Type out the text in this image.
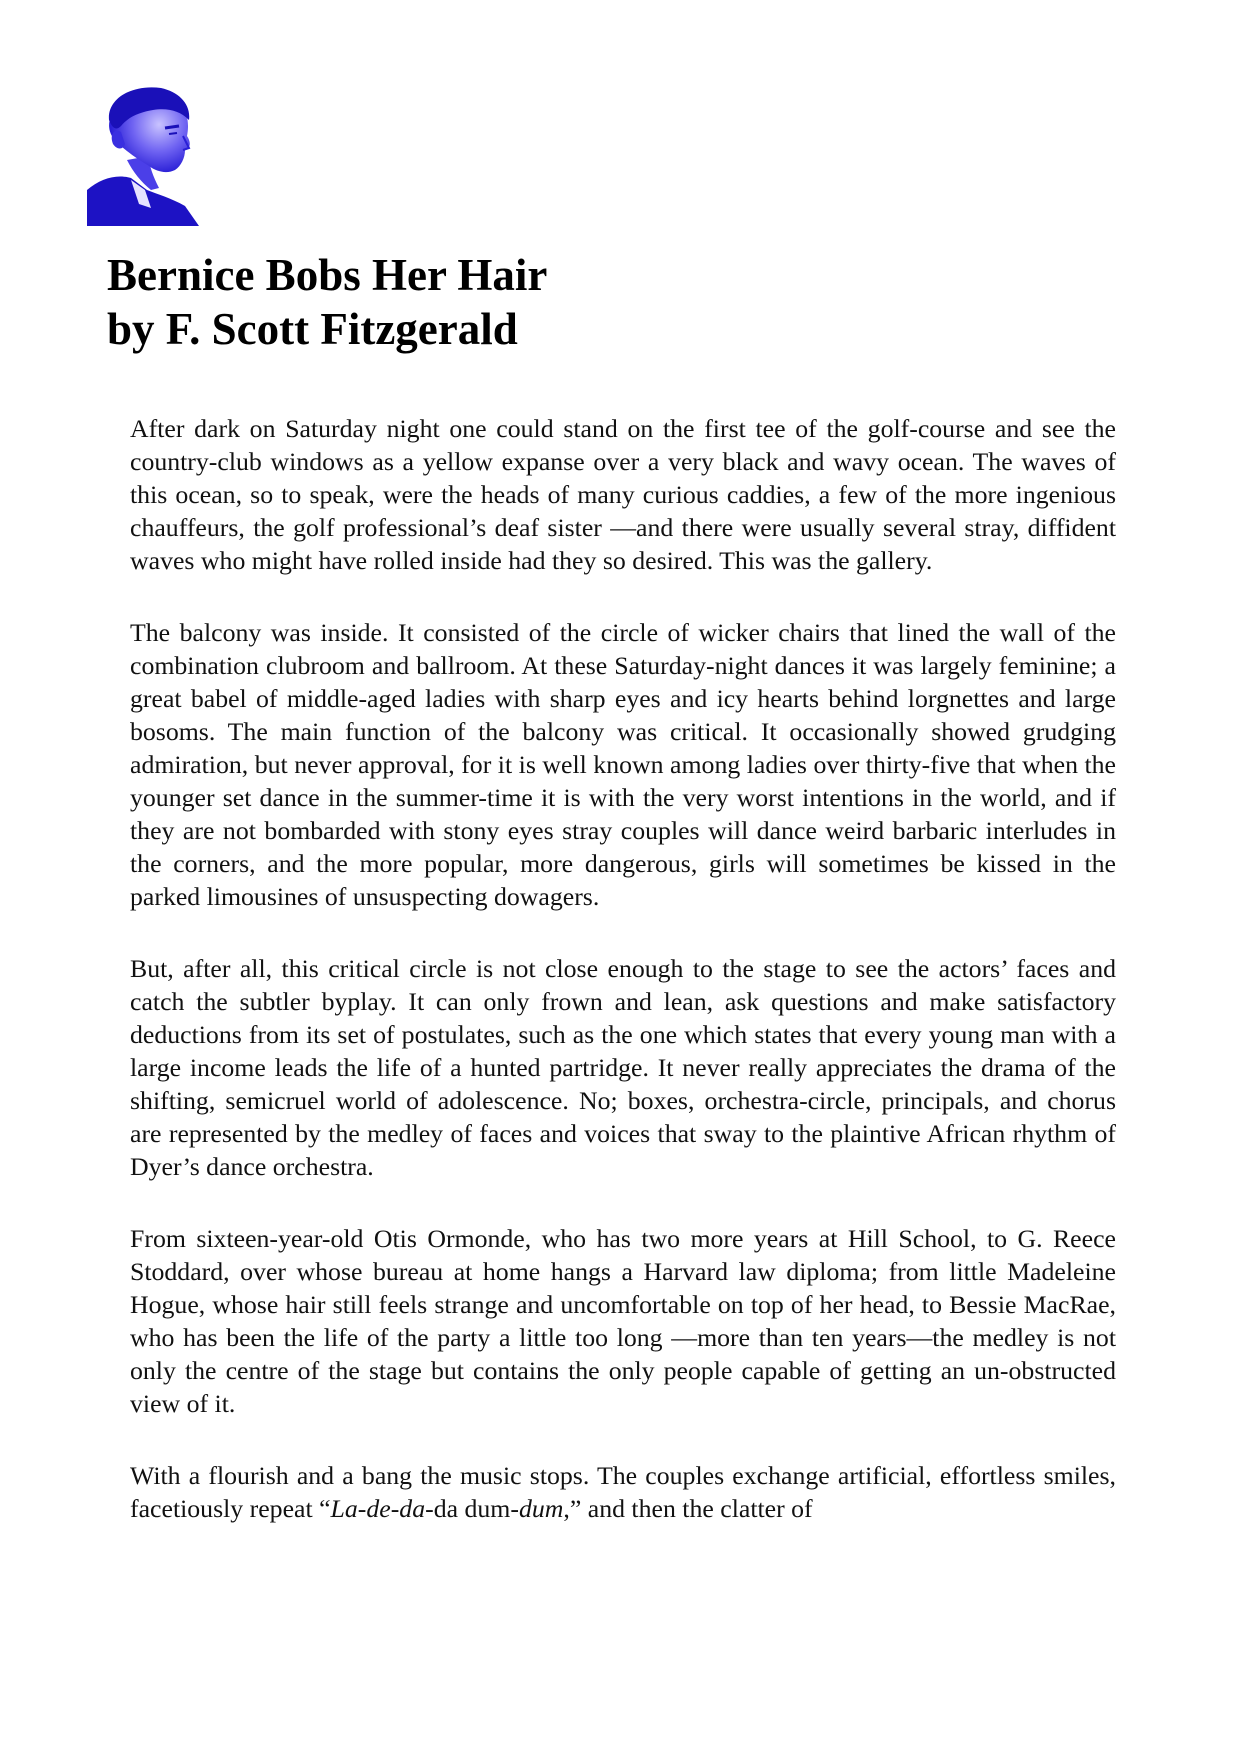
Bernice Bobs Her Hair
by F. Scott Fitzgerald

After dark on Saturday night one could stand on the first tee of the golf-course and see the country-club windows as a yellow expanse over a very black and wavy ocean. The waves of this ocean, so to speak, were the heads of many curious caddies, a few of the more ingenious chauffeurs, the golf professional’s deaf sister —and there were usually several stray, diffident waves who might have rolled inside had they so desired. This was the gallery.

The balcony was inside. It consisted of the circle of wicker chairs that lined the wall of the combination clubroom and ballroom. At these Saturday-night dances it was largely feminine; a great babel of middle-aged ladies with sharp eyes and icy hearts behind lorgnettes and large bosoms. The main function of the balcony was critical. It occasionally showed grudging admiration, but never approval, for it is well known among ladies over thirty-five that when the younger set dance in the summer-time it is with the very worst intentions in the world, and if they are not bombarded with stony eyes stray couples will dance weird barbaric interludes in the corners, and the more popular, more dangerous, girls will sometimes be kissed in the parked limousines of unsuspecting dowagers.

But, after all, this critical circle is not close enough to the stage to see the actors’ faces and catch the subtler byplay. It can only frown and lean, ask questions and make satisfactory deductions from its set of postulates, such as the one which states that every young man with a large income leads the life of a hunted partridge. It never really appreciates the drama of the shifting, semicruel world of adolescence. No; boxes, orchestra-circle, principals, and chorus are represented by the medley of faces and voices that sway to the plaintive African rhythm of Dyer’s dance orchestra.

From sixteen-year-old Otis Ormonde, who has two more years at Hill School, to G. Reece Stoddard, over whose bureau at home hangs a Harvard law diploma; from little Madeleine Hogue, whose hair still feels strange and uncomfortable on top of her head, to Bessie MacRae, who has been the life of the party a little too long —more than ten years—the medley is not only the centre of the stage but contains the only people capable of getting an un-obstructed view of it.

With a flourish and a bang the music stops. The couples exchange artificial, effortless smiles, facetiously repeat “La-de-da-da dum-dum,” and then the clatter of
